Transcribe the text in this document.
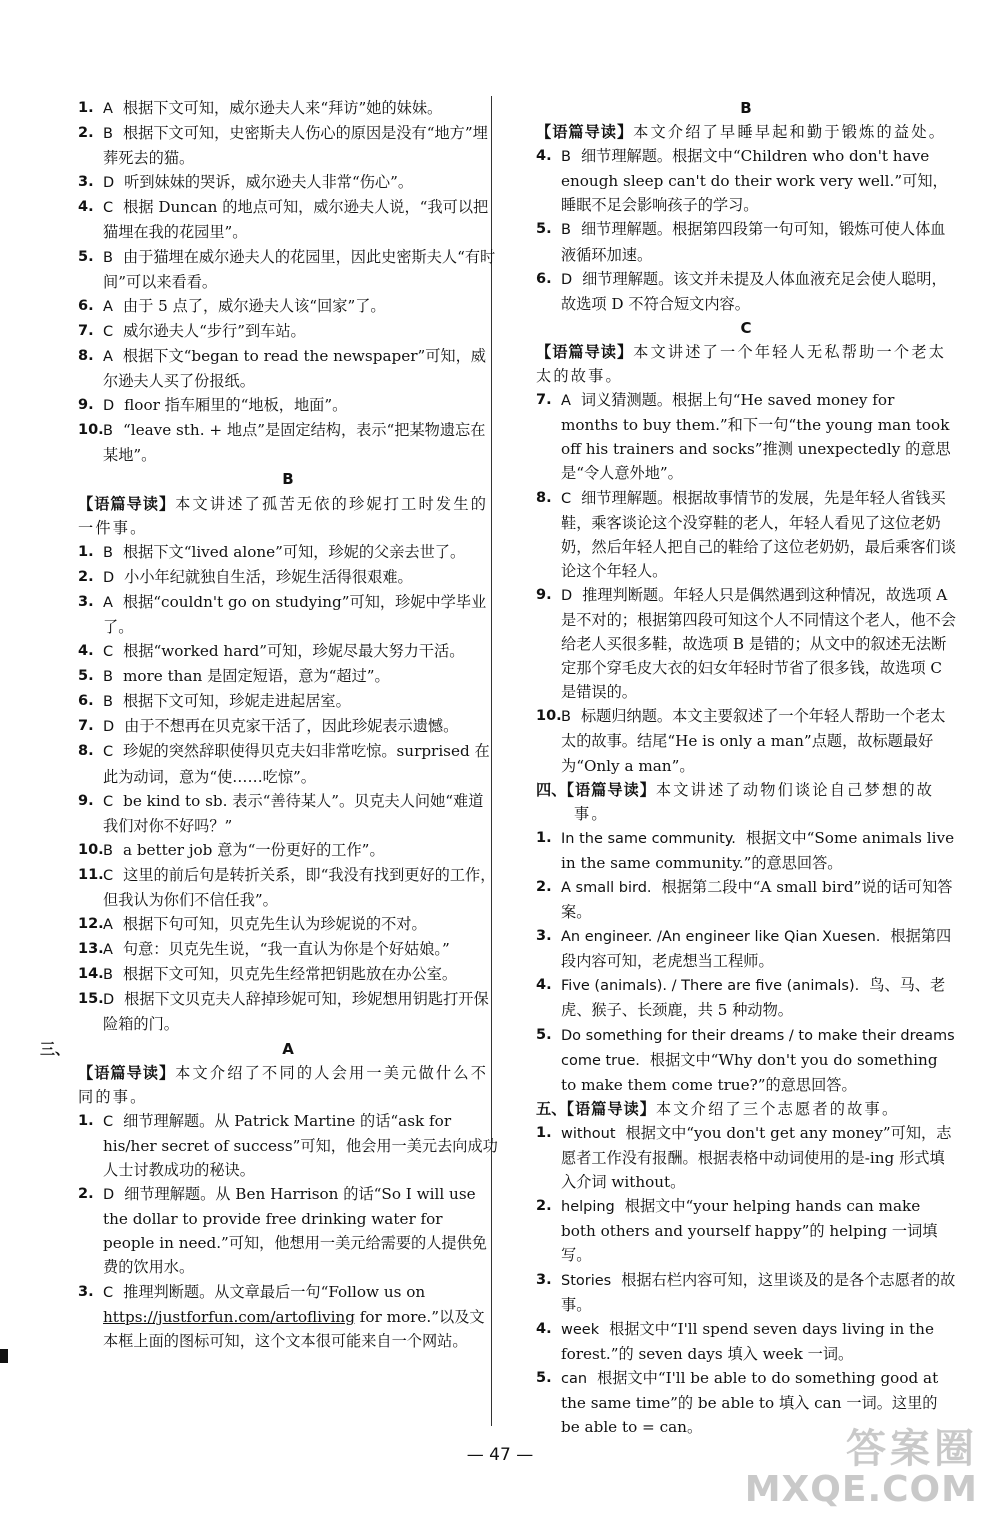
1. A 根据下文可知，威尔逊夫人来“拜访”她的妹妹。

2. B 根据下文可知，史密斯夫人伤心的原因是没有“地方”埋葬死去的猫。

3. D 听到妹妹的哭诉，威尔逊夫人非常“伤心”。

4. C 根据 Duncan 的地点可知，威尔逊夫人说，“我可以把猫埋在我的花园里”。

5. B 由于猫埋在威尔逊夫人的花园里，因此史密斯夫人“有时间”可以来看看。

6. A 由于 5 点了，威尔逊夫人该“回家”了。

7. C 威尔逊夫人“步行”到车站。

8. A 根据下文“began to read the newspaper”可知，威尔逊夫人买了份报纸。

9. D floor 指车厢里的“地板，地面”。

10. B “leave sth. + 地点”是固定结构，表示“把某物遗忘在某地”。

B

【语篇导读】本文讲述了孤苦无依的珍妮打工时发生的一件事。

1. B 根据下文“lived alone”可知，珍妮的父亲去世了。

2. D 小小年纪就独自生活，珍妮生活得很艰难。

3. A 根据“couldn't go on studying”可知，珍妮中学毕业了。

4. C 根据“worked hard”可知，珍妮尽最大努力干活。

5. B more than 是固定短语，意为“超过”。

6. B 根据下文可知，珍妮走进起居室。

7. D 由于不想再在贝克家干活了，因此珍妮表示遗憾。

8. C 珍妮的突然辞职使得贝克夫妇非常吃惊。surprised 在此为动词，意为“使……吃惊”。

9. C be kind to sb. 表示“善待某人”。贝克夫人问她“难道我们对你不好吗？”

10. B a better job 意为“一份更好的工作”。

11. C 这里的前后句是转折关系，即“我没有找到更好的工作，但我认为你们不信任我”。

12. A 根据下句可知，贝克先生认为珍妮说的不对。

13. A 句意：贝克先生说，“我一直认为你是个好姑娘。”

14. B 根据下文可知，贝克先生经常把钥匙放在办公室。

15. D 根据下文贝克夫人辞掉珍妮可知，珍妮想用钥匙打开保险箱的门。

三、	A

【语篇导读】本文介绍了不同的人会用一美元做什么不同的事。

1. C 细节理解题。从 Patrick Martine 的话“ask for his/her secret of success”可知，他会用一美元去向成功人士讨教成功的秘诀。

2. D 细节理解题。从 Ben Harrison 的话“So I will use the dollar to provide free drinking water for people in need.”可知，他想用一美元给需要的人提供免费的饮用水。

3. C 推理判断题。从文章最后一句“Follow us on https://justforfun.com/artofliving for more.”以及文本框上面的图标可知，这个文本很可能来自一个网站。

B

【语篇导读】本文介绍了早睡早起和勤于锻炼的益处。

4. B 细节理解题。根据文中“Children who don't have enough sleep can't do their work very well.”可知，睡眠不足会影响孩子的学习。

5. B 细节理解题。根据第四段第一句可知，锻炼可使人体血液循环加速。

6. D 细节理解题。该文并未提及人体血液充足会使人聪明，故选项 D 不符合短文内容。

C

【语篇导读】本文讲述了一个年轻人无私帮助一个老太太的故事。

7. A 词义猜测题。根据上句“He saved money for months to buy them.”和下一句“the young man took off his trainers and socks”推测 unexpectedly 的意思是“令人意外地”。

8. C 细节理解题。根据故事情节的发展，先是年轻人省钱买鞋，乘客谈论这个没穿鞋的老人，年轻人看见了这位老奶奶，然后年轻人把自己的鞋给了这位老奶奶，最后乘客们谈论这个年轻人。

9. D 推理判断题。年轻人只是偶然遇到这种情况，故选项 A 是不对的；根据第四段可知这个人不同情这个老人，他不会给老人买很多鞋，故选项 B 是错的；从文中的叙述无法断定那个穿毛皮大衣的妇女年轻时节省了很多钱，故选项 C 是错误的。

10. B 标题归纳题。本文主要叙述了一个年轻人帮助一个老太太的故事。结尾“He is only a man”点题，故标题最好为“Only a man”。

四、【语篇导读】本文讲述了动物们谈论自己梦想的故事。

1. In the same community. 根据文中“Some animals live in the same community.”的意思回答。

2. A small bird. 根据第二段中“A small bird”说的话可知答案。

3. An engineer. /An engineer like Qian Xuesen. 根据第四段内容可知，老虎想当工程师。

4. Five (animals). / There are five (animals). 鸟、马、老虎、猴子、长颈鹿，共 5 种动物。

5. Do something for their dreams / to make their dreams come true. 根据文中“Why don't you do something to make them come true?”的意思回答。

五、【语篇导读】本文介绍了三个志愿者的故事。

1. without 根据文中“you don't get any money”可知，志愿者工作没有报酬。根据表格中动词使用的是-ing 形式填入介词 without。

2. helping 根据文中“your helping hands can make both others and yourself happy”的 helping 一词填写。

3. Stories 根据右栏内容可知，这里谈及的是各个志愿者的故事。

4. week 根据文中“I'll spend seven days living in the forest.”的 seven days 填入 week 一词。

5. can 根据文中“I'll be able to do something good at the same time”的 be able to 填入 can 一词。这里的 be able to = can。

— 47 —	答案圈
MXQE.COM
